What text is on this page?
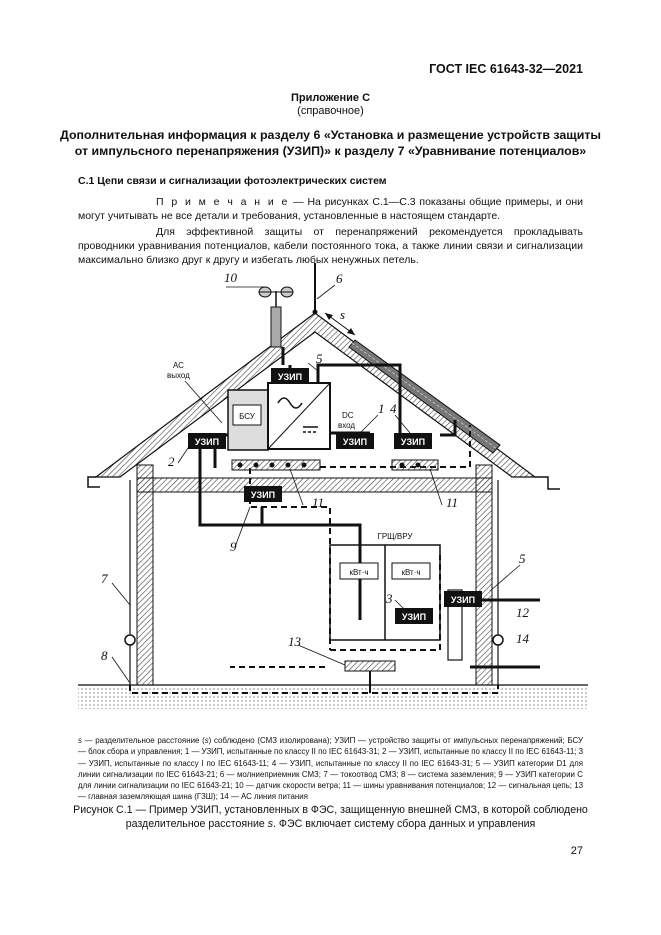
ГОСТ IEC 61643-32—2021
Приложение С
(справочное)
Дополнительная информация к разделу 6 «Установка и размещение устройств защиты
от импульсного перенапряжения (УЗИП)» к разделу 7 «Уравнивание потенциалов»
С.1 Цепи связи и сигнализации фотоэлектрических систем
П р и м е ч а н и е — На рисунках С.1—С.3 показаны общие примеры, и они могут учитывать не все детали и требования, установленные в настоящем стандарте.
Для эффективной защиты от перенапряжений рекомендуется прокладывать проводники уравнивания потенциалов, кабели постоянного тока, а также линии связи и сигнализации максимально близко друг к другу и избегать любых ненужных петель.
БСУ
кВт·ч	кВт·ч
ГРЩ/ВРУ
УЗИП
УЗИП	УЗИП	УЗИП
УЗИП
УЗИП
УЗИП
АС
выход
DC
вход
1
2
3
4
5
5
6
7
8
9
10
11	11
12
13	14
s
s — разделительное расстояние (s) соблюдено (СМЗ изолирована); УЗИП — устройство защиты от импульсных перенапряжений; БСУ — блок сбора и управления; 1 — УЗИП, испытанные по классу II по IEC 61643-31; 2 — УЗИП, испытанные по классу II по IEC 61643-11; 3 — УЗИП, испытанные по классу I по IEC 61643-11; 4 — УЗИП, испытанные по классу II по IEC 61643-31; 5 — УЗИП категории D1 для линии сигнализации по IEC 61643-21; 6 — молниеприемник СМЗ; 7 — токоотвод СМЗ; 8 — система заземления; 9 — УЗИП категории С для линии сигнализации по IEC 61643-21; 10 — датчик скорости ветра; 11 — шины уравнивания потенциалов; 12 — сигнальная цепь; 13 — главная заземляющая шина (ГЗШ); 14 — АС линия питания
Рисунок С.1 — Пример УЗИП, установленных в ФЭС, защищенную внешней СМЗ, в которой соблюдено
разделительное расстояние s. ФЭС включает систему сбора данных и управления
27
